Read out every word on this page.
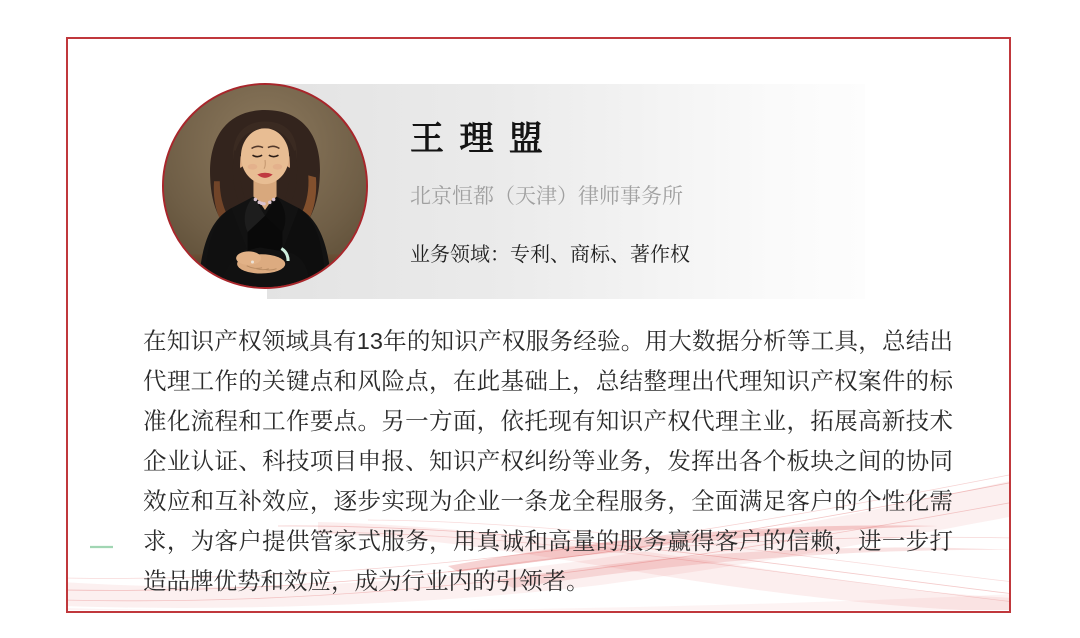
王 理 盟
北京恒都（天津）律师事务所
业务领域：专利、商标、著作权
在知识产权领域具有13年的知识产权服务经验。用大数据分析等工具，总结出
代理工作的关键点和风险点，在此基础上，总结整理出代理知识产权案件的标
准化流程和工作要点。另一方面，依托现有知识产权代理主业，拓展高新技术
企业认证、科技项目申报、知识产权纠纷等业务，发挥出各个板块之间的协同
效应和互补效应，逐步实现为企业一条龙全程服务，全面满足客户的个性化需
求，为客户提供管家式服务，用真诚和高量的服务赢得客户的信赖，进一步打
造品牌优势和效应，成为行业内的引领者。
